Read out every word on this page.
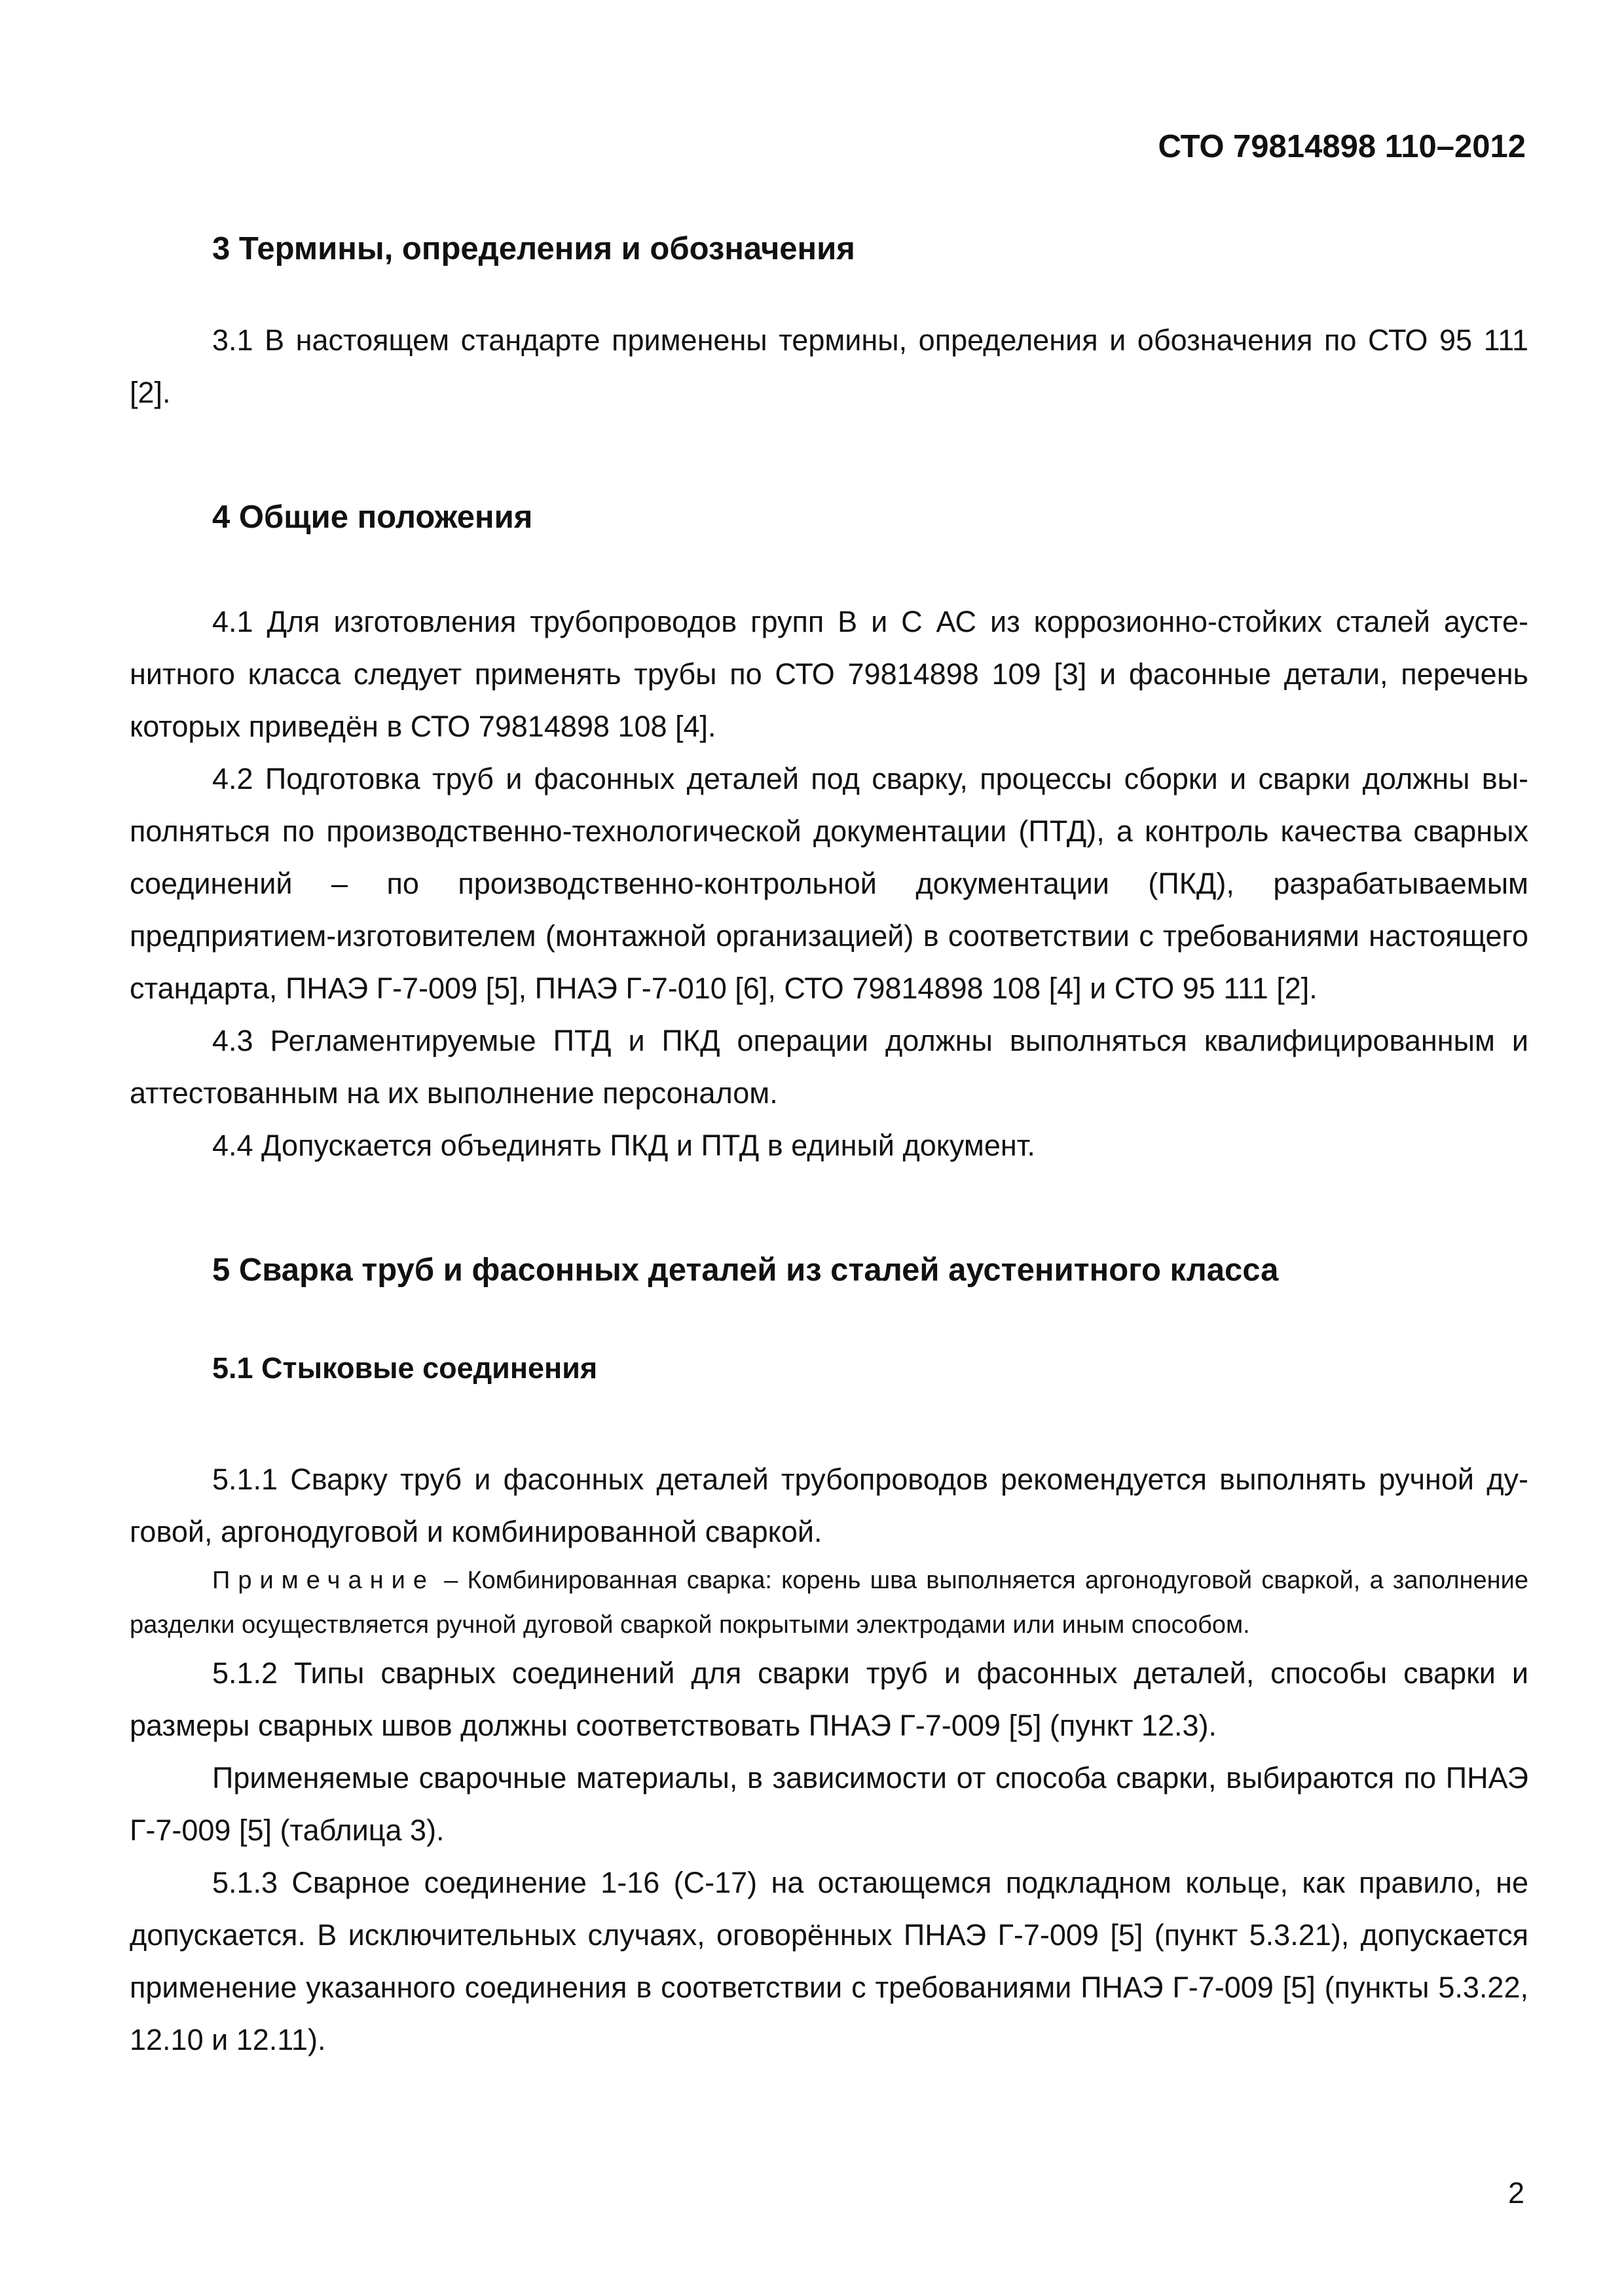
СТО 79814898 110–2012

3 Термины, определения и обозначения

3.1 В настоящем стандарте применены термины, определения и обозначения по СТО 95 111 [2].

4 Общие положения

4.1 Для изготовления трубопроводов групп В и С АС из коррозионно-стойких сталей аустенитного класса следует применять трубы по СТО 79814898 109 [3] и фасонные детали, перечень которых приведён в СТО 79814898 108 [4].

4.2 Подготовка труб и фасонных деталей под сварку, процессы сборки и сварки должны выполняться по производственно-технологической документации (ПТД), а контроль качества сварных соединений – по производственно-контрольной документации (ПКД), разрабатываемым предприятием-изготовителем (монтажной организацией) в соответствии с требованиями настоящего стандарта, ПНАЭ Г-7-009 [5], ПНАЭ Г-7-010 [6], СТО 79814898 108 [4] и СТО 95 111 [2].

4.3 Регламентируемые ПТД и ПКД операции должны выполняться квалифицированным и аттестованным на их выполнение персоналом.

4.4 Допускается объединять ПКД и ПТД в единый документ.

5 Сварка труб и фасонных деталей из сталей аустенитного класса
5.1 Стыковые соединения

5.1.1 Сварку труб и фасонных деталей трубопроводов рекомендуется выполнять ручной дуговой, аргонодуговой и комбинированной сваркой.

Примечание – Комбинированная сварка: корень шва выполняется аргонодуговой сваркой, а заполнение разделки осуществляется ручной дуговой сваркой покрытыми электродами или иным способом.

5.1.2 Типы сварных соединений для сварки труб и фасонных деталей, способы сварки и размеры сварных швов должны соответствовать ПНАЭ Г-7-009 [5] (пункт 12.3).

Применяемые сварочные материалы, в зависимости от способа сварки, выбираются по ПНАЭ Г-7-009 [5] (таблица 3).

5.1.3 Сварное соединение 1-16 (С-17) на остающемся подкладном кольце, как правило, не допускается. В исключительных случаях, оговорённых ПНАЭ Г-7-009 [5] (пункт 5.3.21), допускается применение указанного соединения в соответствии с требованиями ПНАЭ Г-7-009 [5] (пункты 5.3.22, 12.10 и 12.11).

2
